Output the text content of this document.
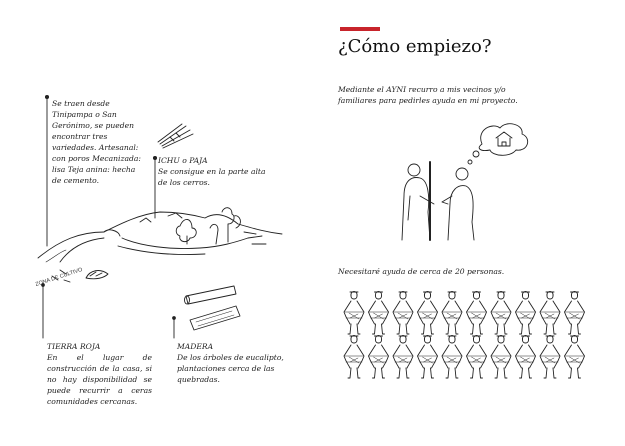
Se traen desde Tinipampa o San Gerónimo, se pueden encontrar tres variedades. Artesanal: con poros Mecanizada: lisa Teja anina: hecha de cemento.
ICHU o PAJA
Se consigue en la parte alta de los cerros.
TIERRA ROJA
En el lugar de construcción de la casa, si no hay disponibilidad se puede recurrir a ceras comunidades cercanas.
MADERA
De los árboles de eucalipto, plantaciones cerca de las quebradas.
¿Cómo empiezo?
Mediante el AYNI recurro a mis vecinos y/o familiares para pedirles ayuda en mi proyecto.
Necesitaré ayuda de cerca de 20 personas.
ZONA DE CULTIVO
